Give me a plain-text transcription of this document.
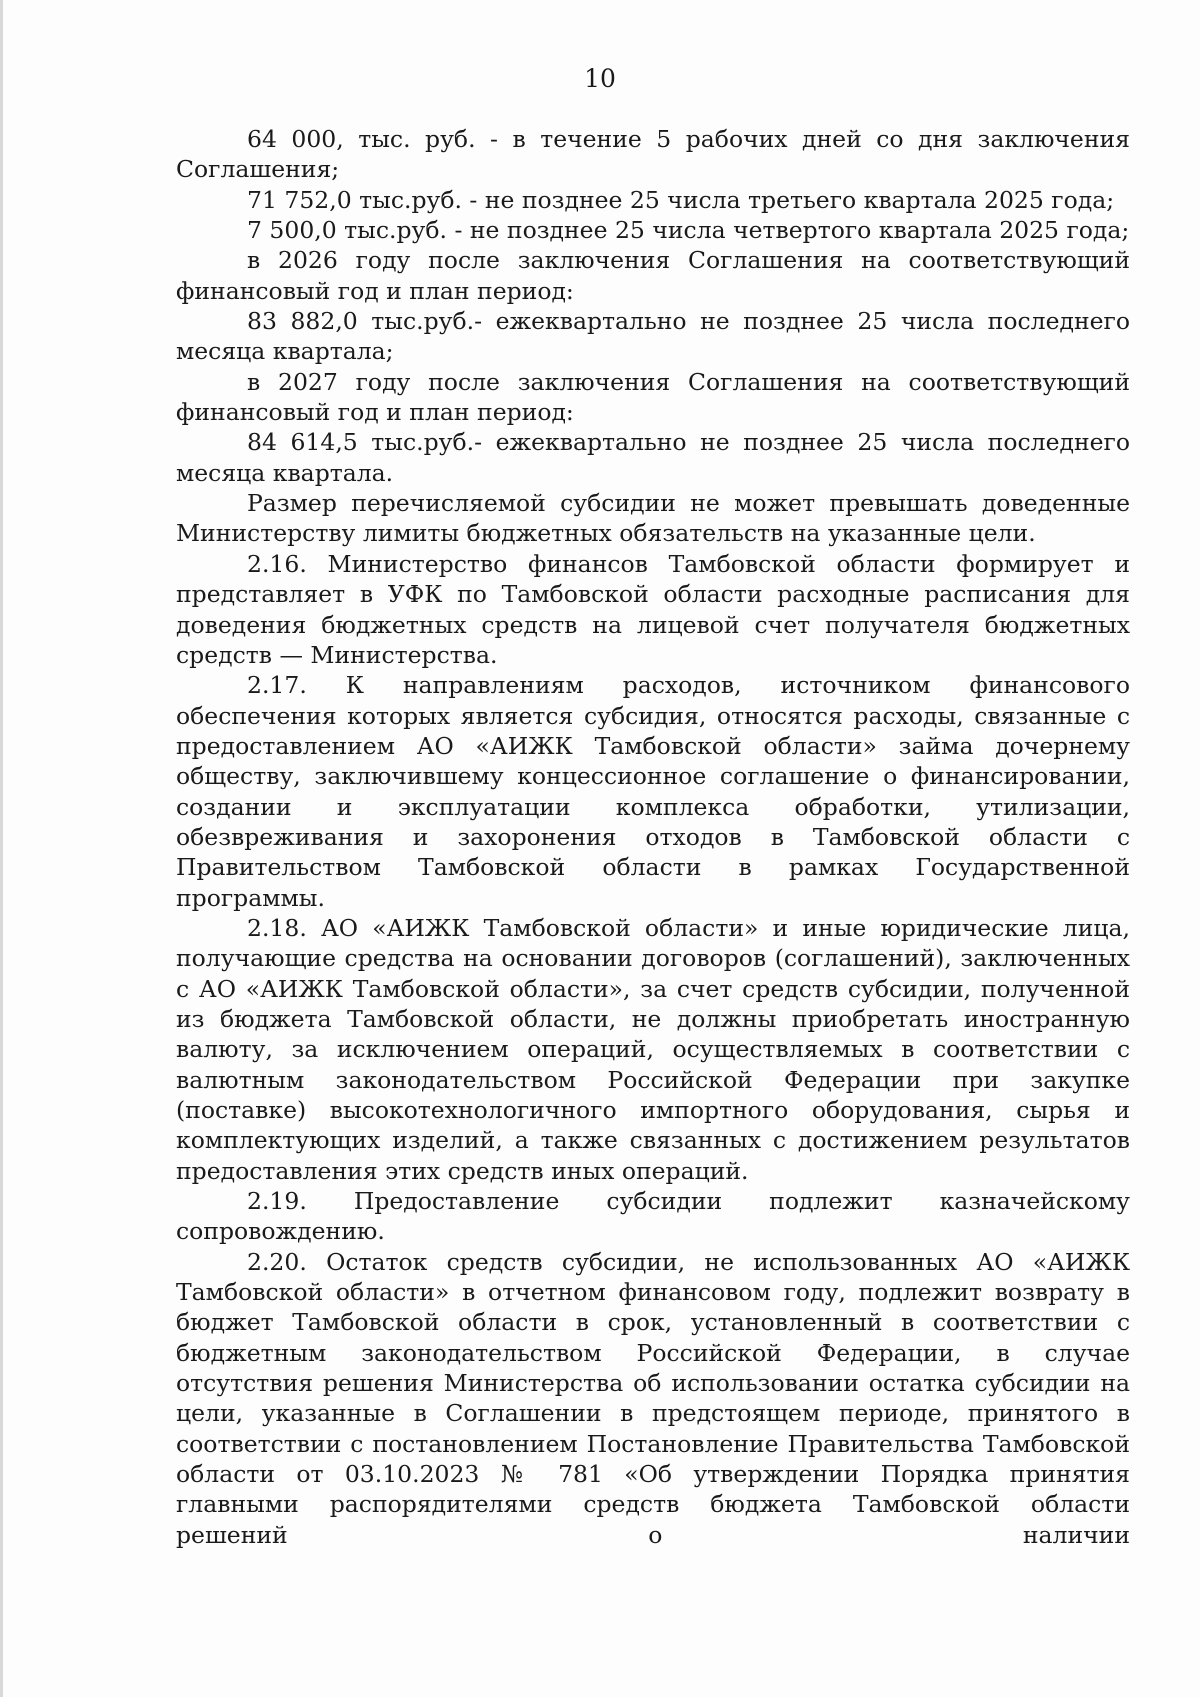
10

64 000, тыс. руб. - в течение 5 рабочих дней со дня заключения Соглашения;

71 752,0 тыс.руб. - не позднее 25 числа третьего квартала 2025 года;

7 500,0 тыс.руб. - не позднее 25 числа четвертого квартала 2025 года;

в 2026 году после заключения Соглашения на соответствующий финансовый год и план период:

83 882,0 тыс.руб.- ежеквартально не позднее 25 числа последнего месяца квартала;

в 2027 году после заключения Соглашения на соответствующий финансовый год и план период:

84 614,5 тыс.руб.- ежеквартально не позднее 25 числа последнего месяца квартала.

Размер перечисляемой субсидии не может превышать доведенные Министерству лимиты бюджетных обязательств на указанные цели.

2.16. Министерство финансов Тамбовской области формирует и представляет в УФК по Тамбовской области расходные расписания для доведения бюджетных средств на лицевой счет получателя бюджетных средств — Министерства.

2.17. К направлениям расходов, источником финансового обеспечения которых является субсидия, относятся расходы, связанные с предоставлением АО «АИЖК Тамбовской области» займа дочернему обществу, заключившему концессионное соглашение о финансировании, создании и эксплуатации комплекса обработки, утилизации, обезвреживания и захоронения отходов в Тамбовской области с Правительством Тамбовской области в рамках Государственной программы.

2.18. АО «АИЖК Тамбовской области» и иные юридические лица, получающие средства на основании договоров (соглашений), заключенных с АО «АИЖК Тамбовской области», за счет средств субсидии, полученной из бюджета Тамбовской области, не должны приобретать иностранную валюту, за исключением операций, осуществляемых в соответствии с валютным законодательством Российской Федерации при закупке (поставке) высокотехнологичного импортного оборудования, сырья и комплектующих изделий, а также связанных с достижением результатов предоставления этих средств иных операций.

2.19. Предоставление субсидии подлежит казначейскому сопровождению.

2.20. Остаток средств субсидии, не использованных АО «АИЖК Тамбовской области» в отчетном финансовом году, подлежит возврату в бюджет Тамбовской области в срок, установленный в соответствии с бюджетным законодательством Российской Федерации, в случае отсутствия решения Министерства об использовании остатка субсидии на цели, указанные в Соглашении в предстоящем периоде, принятого в соответствии с постановлением Постановление Правительства Тамбовской области от 03.10.2023 № 781 «Об утверждении Порядка принятия главными распорядителями средств бюджета Тамбовской области решений о наличии
